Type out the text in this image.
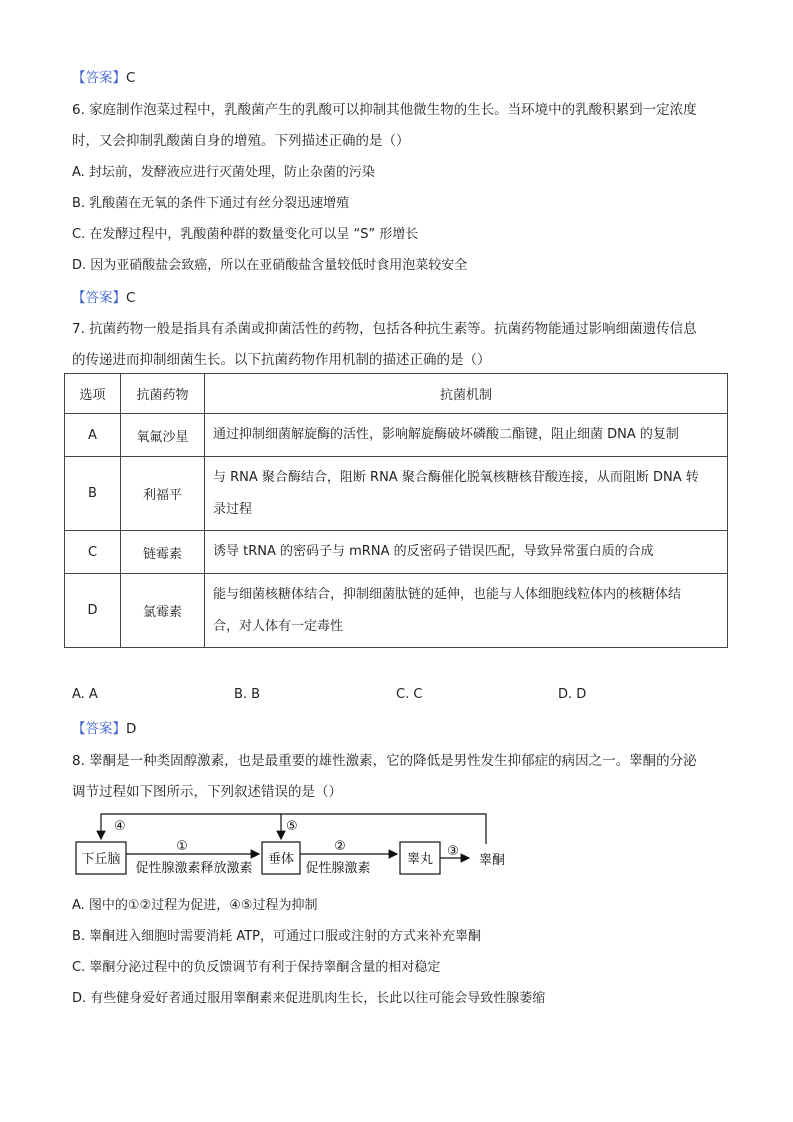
【答案】C
6. 家庭制作泡菜过程中，乳酸菌产生的乳酸可以抑制其他微生物的生长。当环境中的乳酸积累到一定浓度
时，又会抑制乳酸菌自身的增殖。下列描述正确的是（）
A. 封坛前，发酵液应进行灭菌处理，防止杂菌的污染
B. 乳酸菌在无氧的条件下通过有丝分裂迅速增殖
C. 在发酵过程中，乳酸菌种群的数量变化可以呈 “S” 形增长
D. 因为亚硝酸盐会致癌，所以在亚硝酸盐含量较低时食用泡菜较安全
【答案】C
7. 抗菌药物一般是指具有杀菌或抑菌活性的药物，包括各种抗生素等。抗菌药物能通过影响细菌遗传信息
的传递进而抑制细菌生长。以下抗菌药物作用机制的描述正确的是（）
选项	抗菌药物	抗菌机制
A	氧氟沙星	通过抑制细菌解旋酶的活性，影响解旋酶破坏磷酸二酯键，阻止细菌 DNA 的复制
B	利福平	与 RNA 聚合酶结合，阻断 RNA 聚合酶催化脱氧核糖核苷酸连接，从而阻断 DNA 转
录过程

C	链霉素	诱导 tRNA 的密码子与 mRNA 的反密码子错误匹配，导致异常蛋白质的合成
D	氯霉素	能与细菌核糖体结合，抑制细菌肽链的延伸，也能与人体细胞线粒体内的核糖体结
合，对人体有一定毒性
A. A	B. B	C. C	D. D
【答案】D
8. 睾酮是一种类固醇激素，也是最重要的雄性激素，它的降低是男性发生抑郁症的病因之一。睾酮的分泌
调节过程如下图所示，下列叙述错误的是（）
下丘脑	垂体	睾丸	睾酮
①
促性腺激素释放激素
②
促性腺激素
③
④	⑤
A. 图中的①②过程为促进，④⑤过程为抑制
B. 睾酮进入细胞时需要消耗 ATP，可通过口服或注射的方式来补充睾酮
C. 睾酮分泌过程中的负反馈调节有利于保持睾酮含量的相对稳定
D. 有些健身爱好者通过服用睾酮素来促进肌肉生长，长此以往可能会导致性腺萎缩
